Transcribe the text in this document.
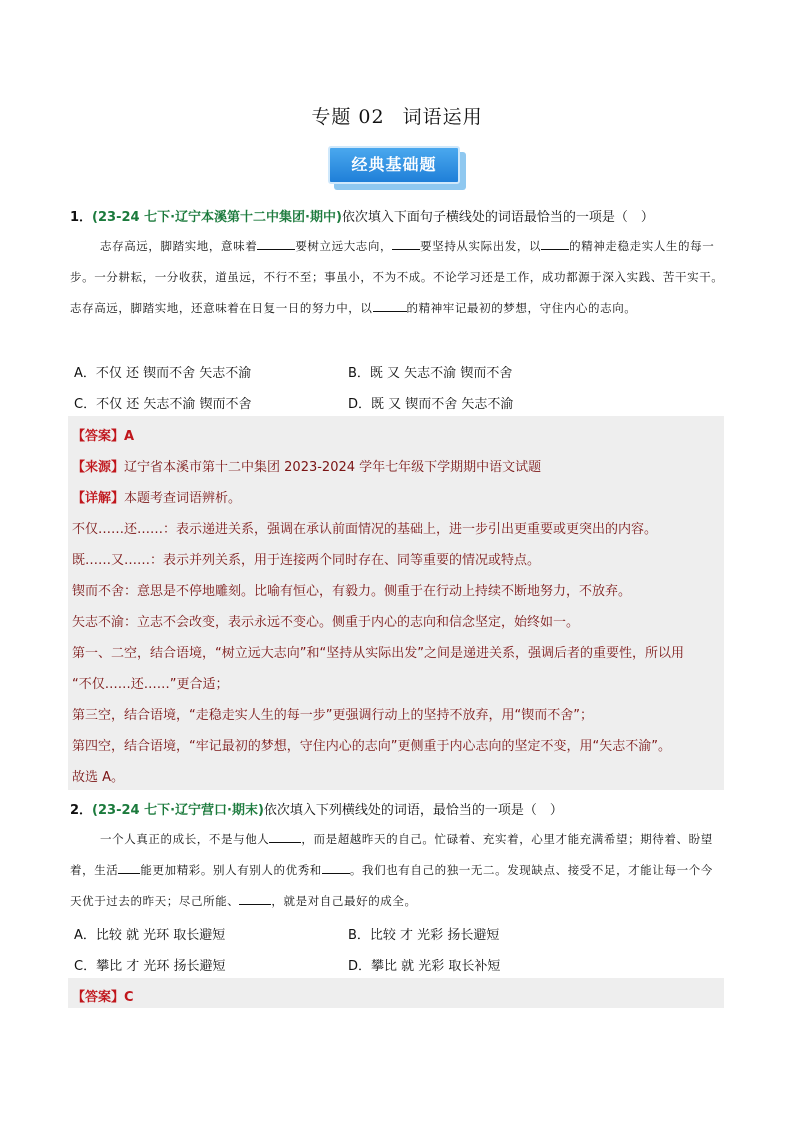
专题 02 词语运用
经典基础题
1．(23-24 七下·辽宁本溪第十二中集团·期中)依次填入下面句子横线处的词语最恰当的一项是（　）
志存高远，脚踏实地，意味着	要树立远大志向， 要坚持从实际出发，以 的精神走稳走实人生的每一步。一分耕耘，一分收获，道虽远，不行不至；事虽小，不为不成。不论学习还是工作，成功都源于深入实践、苦干实干。志存高远，脚踏实地，还意味着在日复一日的努力中，以	的精神牢记最初的梦想，守住内心的志向。
A．不仅 还 锲而不舍 矢志不渝	B．既 又 矢志不渝 锲而不舍
C．不仅 还 矢志不渝 锲而不舍	D．既 又 锲而不舍 矢志不渝
【答案】A
【来源】辽宁省本溪市第十二中集团 2023-2024 学年七年级下学期期中语文试题
【详解】本题考查词语辨析。
不仅……还……：表示递进关系，强调在承认前面情况的基础上，进一步引出更重要或更突出的内容。
既……又……：表示并列关系，用于连接两个同时存在、同等重要的情况或特点。
锲而不舍：意思是不停地雕刻。比喻有恒心，有毅力。侧重于在行动上持续不断地努力，不放弃。
矢志不渝：立志不会改变，表示永远不变心。侧重于内心的志向和信念坚定，始终如一。
第一、二空，结合语境，“树立远大志向”和“坚持从实际出发”之间是递进关系，强调后者的重要性，所以用
“不仅……还……”更合适；
第三空，结合语境，“走稳走实人生的每一步”更强调行动上的坚持不放弃，用“锲而不舍”；
第四空，结合语境，“牢记最初的梦想，守住内心的志向”更侧重于内心志向的坚定不变，用“矢志不渝”。
故选 A。
2．(23-24 七下·辽宁营口·期末)依次填入下列横线处的词语，最恰当的一项是（　）
一个人真正的成长，不是与他人	，而是超越昨天的自己。忙碌着、充实着，心里才能充满希望；期待着、盼望着，生活 能更加精彩。别人有别人的优秀和 。我们也有自己的独一无二。发现缺点、接受不足，才能让每一个今天优于过去的昨天；尽己所能、	，就是对自己最好的成全。
A．比较 就 光环 取长避短	B．比较 才 光彩 扬长避短
C．攀比 才 光环 扬长避短	D．攀比 就 光彩 取长补短
【答案】C
